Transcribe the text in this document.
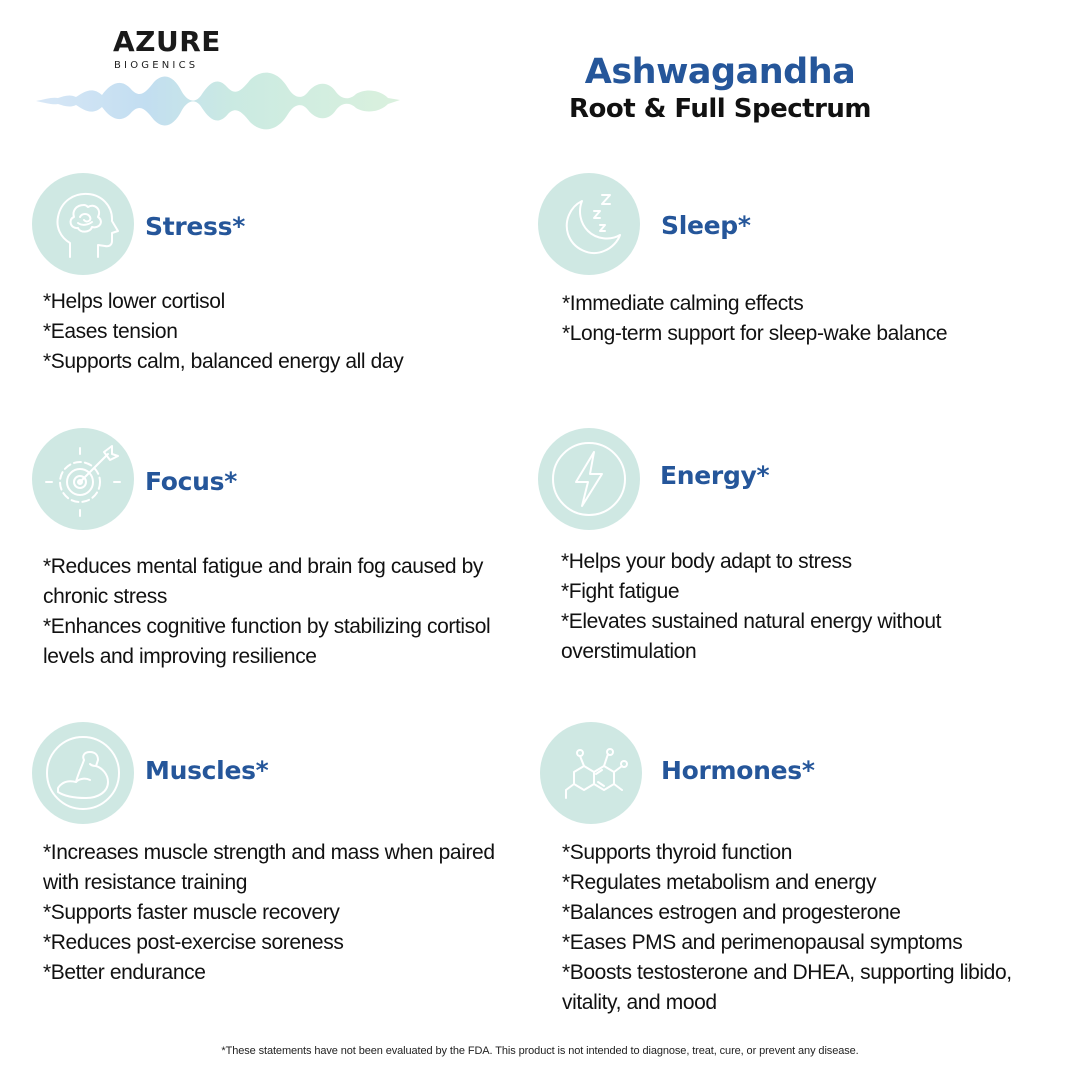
AZURE
BIOGENICS	Ashwagandha
Root & Full Spectrum
Stress*
*Helps lower cortisol
*Eases tension
*Supports calm, balanced energy all day
Sleep*
*Immediate calming effects
*Long-term support for sleep-wake balance
Focus*
*Reduces mental fatigue and brain fog caused by chronic stress
*Enhances cognitive function by stabilizing cortisol levels and improving resilience
Energy*
*Helps your body adapt to stress
*Fight fatigue
*Elevates sustained natural energy without overstimulation
Muscles*
*Increases muscle strength and mass when paired with resistance training
*Supports faster muscle recovery
*Reduces post-exercise soreness
*Better endurance
Hormones*
*Supports thyroid function
*Regulates metabolism and energy
*Balances estrogen and progesterone
*Eases PMS and perimenopausal symptoms
*Boosts testosterone and DHEA, supporting libido, vitality, and mood
*These statements have not been evaluated by the FDA. This product is not intended to diagnose, treat, cure, or prevent any disease.
